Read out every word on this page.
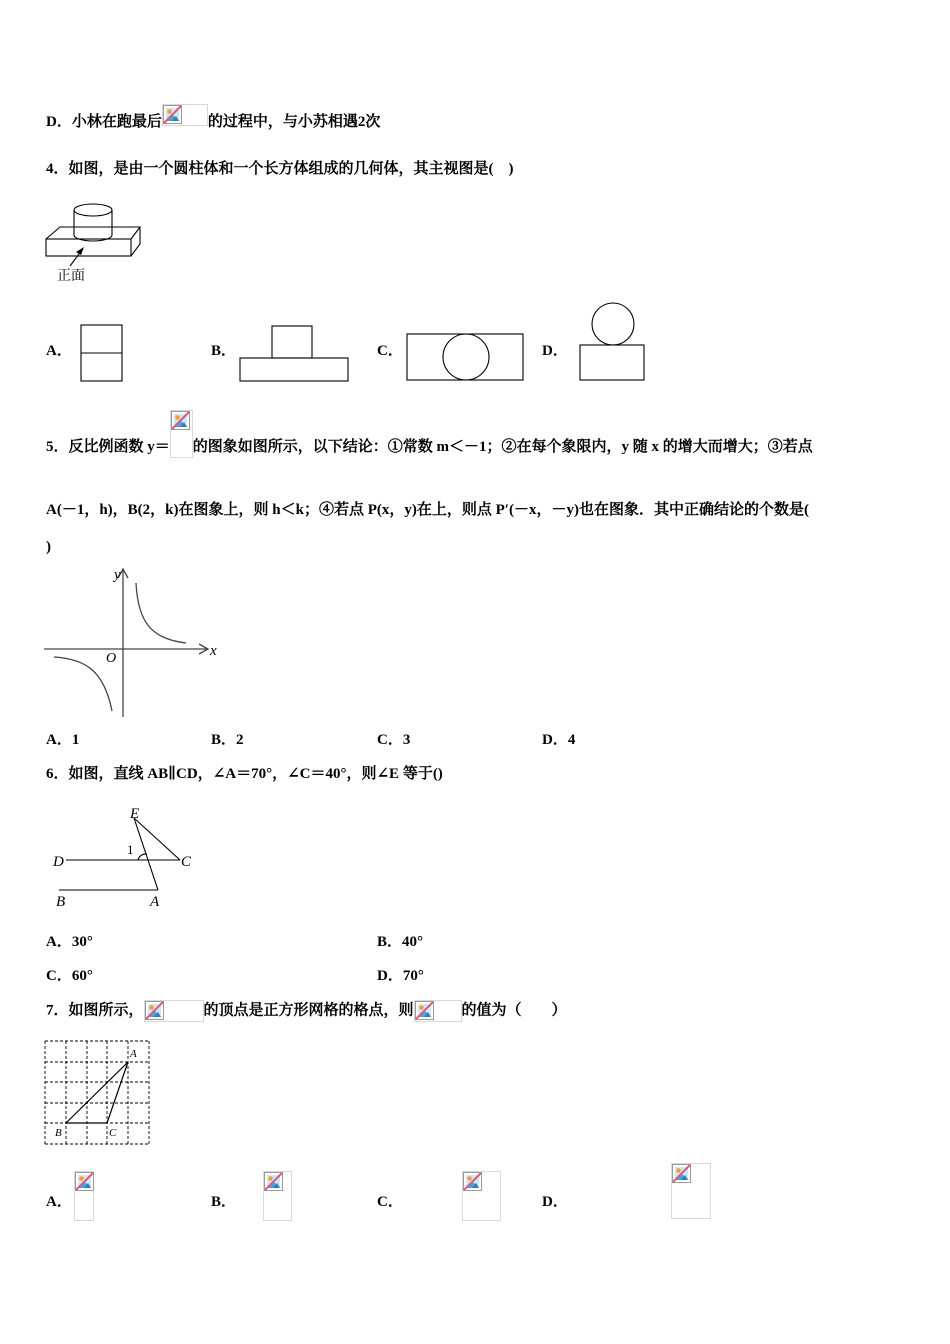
D．小林在跑最后	的过程中，与小苏相遇2次
4．如图，是由一个圆柱体和一个长方体组成的几何体，其主视图是(　)
正面
A．	B．	C．	D．
5．反比例函数 y＝ 的图象如图所示，以下结论：①常数 m＜－1；②在每个象限内，y 随 x 的增大而增大；③若点
A(－1，h)，B(2，k)在图象上，则 h＜k；④若点 P(x，y)在上，则点 P′(－x，－y)也在图象．其中正确结论的个数是(
)
x
y
O
A．1	B．2	C．3	D．4
6．如图，直线 AB∥CD，∠A＝70°，∠C＝40°，则∠E 等于()
E
D	C
B	A
1
A．30°	B．40°
C．60°	D．70°
7．如图所示，	的顶点是正方形网格的格点，则	的值为（　　）
A
B	C
A．
	B．
	C．
	D．
